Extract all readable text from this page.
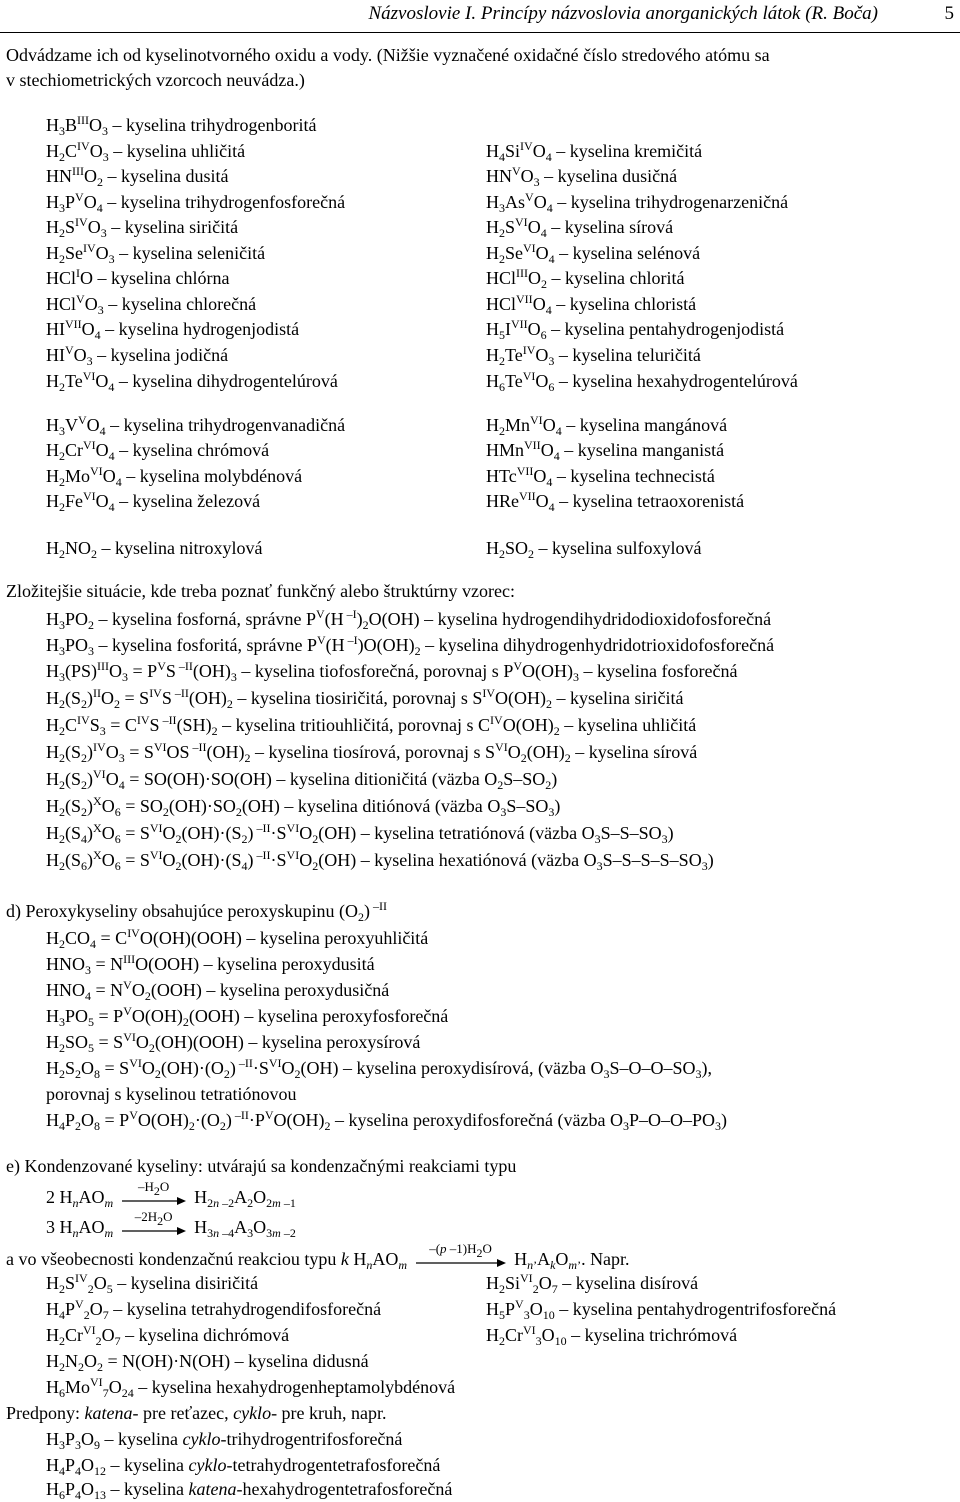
Názvoslovie I. Princípy názvoslovia anorganických látok (R. Boča)	5
Odvádzame ich od kyselinotvorného oxidu a vody. (Nižšie vyznačené oxidačné číslo stredového atómu sa
v stechiometrických vzorcoch neuvádza.)
$H_3B^{III}O_3$ – kyselina trihydrogenboritá
$H_2C^{IV}O_3$ – kyselina uhličitá
$HN^{III}O_2$ – kyselina dusitá
$H_3P^VO_4$ – kyselina trihydrogenfosforečná
$H_2S^{IV}O_3$ – kyselina siričitá
$H_2Se^{IV}O_3$ – kyselina seleničitá
HCl$^I$O – kyselina chlórna
$HCl^VO_3$ – kyselina chlorečná
$HI^{VII}O_4$ – kyselina hydrogenjodistá
$HI^VO_3$ – kyselina jodičná
$H_2Te^{VI}O_4$ – kyselina dihydrogentelúrová
$H_3V^VO_4$ – kyselina trihydrogenvanadičná
$H_2Cr^{VI}O_4$ – kyselina chrómová
$H_2Mo^{VI}O_4$ – kyselina molybdénová
$H_2Fe^{VI}O_4$ – kyselina železová
$H_2NO_2$ – kyselina nitroxylová
$H_4Si^{IV}O_4$ – kyselina kremičitá
$HN^VO_3$ – kyselina dusičná
$H_3As^VO_4$ – kyselina trihydrogenarzeničná
$H_2S^{VI}O_4$ – kyselina sírová
$H_2Se^{VI}O_4$ – kyselina selénová
$HCl^{III}O_2$ – kyselina chloritá
$HCl^{VII}O_4$ – kyselina chloristá
$H_5I^{VII}O_6$ – kyselina pentahydrogenjodistá
$H_2Te^{IV}O_3$ – kyselina teluričitá
$H_6Te^{VI}O_6$ – kyselina hexahydrogentelúrová
$H_2Mn^{VI}O_4$ – kyselina mangánová
$HMn^{VII}O_4$ – kyselina manganistá
$HTc^{VII}O_4$ – kyselina technecistá
$HRe^{VII}O_4$ – kyselina tetraoxorenistá
$H_2SO_2$ – kyselina sulfoxylová
Zložitejšie situácie, kde treba poznať funkčný alebo štruktúrny vzorec:
$H_3PO_2$ – kyselina fosforná, správne $P^V(H$ $^{-I})_2O(OH)$ – kyselina hydrogendihydridodioxidofosforečná
$H_3PO_3$ – kyselina fosforitá, správne $P^V(H$ $^{-I})O(OH)_2$ – kyselina dihydrogenhydridotrioxidofosforečná
$H_3(PS)^{III}O_3 = P^VS$ $^{-II}(OH)_3$ – kyselina tiofosforečná, porovnaj s $P^VO(OH)_3$ – kyselina fosforečná
$H_2(S_2)^{II}O_2 = S^{IV}S$ $^{-II}(OH)_2$ – kyselina tiosiričitá, porovnaj s $S^{IV}O(OH)_2$ – kyselina siričitá
$H_2C^{IV}S_3 = C^{IV}S$ $^{-II}(SH)_2$ – kyselina tritiouhličitá, porovnaj s $C^{IV}O(OH)_2$ – kyselina uhličitá
$H_2(S_2)^{IV}O_3 = S^{VI}OS$ $^{-II}(OH)_2$ – kyselina tiosírová, porovnaj s $S^{VI}O_2(OH)_2$ – kyselina sírová
$H_2(S_2)^{VI}O_4 = SO(OH)\cdot SO(OH)$ – kyselina ditioničitá (väzba $O_2S-SO_2$)
$H_2(S_2)^XO_6 = SO_2(OH)\cdot SO_2(OH)$ – kyselina ditiónová (väzba $O_3S-SO_3$)
$H_2(S_4)^XO_6 = S^{VI}O_2(OH)\cdot(S_2)$ $^{-II}\cdot S^{VI}O_2(OH)$ – kyselina tetratiónová (väzba $O_3S-S-SO_3$)
$H_2(S_6)^XO_6 = S^{VI}O_2(OH)\cdot(S_4)$ $^{-II}\cdot S^{VI}O_2(OH)$ – kyselina hexatiónová (väzba $O_3S-S-S-S-SO_3$)
d) Peroxykyseliny obsahujúce peroxyskupinu $(O_2)$ $^{-II}$
$H_2CO_4 = C^{IV}O(OH)(OOH)$ – kyselina peroxyuhličitá
$HNO_3 = N^{III}O(OOH)$ – kyselina peroxydusitá
$HNO_4 = N^VO_2(OOH)$ – kyselina peroxydusičná
$H_3PO_5 = P^VO(OH)_2(OOH)$ – kyselina peroxyfosforečná
$H_2SO_5 = S^{VI}O_2(OH)(OOH)$ – kyselina peroxysírová
$H_2S_2O_8 = S^{VI}O_2(OH)\cdot(O_2)$ $^{-II}\cdot S^{VI}O_2(OH)$ – kyselina peroxydisírová, (väzba $O_3S-O-O-SO_3$),
porovnaj s kyselinou tetratiónovou
$H_4P_2O_8 = P^VO(OH)_2\cdot(O_2)$ $^{-II}\cdot P^VO(OH)_2$ – kyselina peroxydifosforečná (väzba $O_3P-O-O-PO_3$)
e) Kondenzované kyseliny: utvárajú sa kondenzačnými reakciami typu
2 $H_nAO_m$
$-H_2O$
$H_{2n -2}A_2O_{2m -1}$
3 $H_nAO_m$
$-2H_2O$
$H_{3n -4}A_3O_{3m -2}$
a vo všeobecnosti kondenzačnú reakciou typu k $H_nAO_m$
–(p $-1)H_2O$
$H_{n’}A_kO_{m’}$. Napr.
$H_2S^{IV}_2O_5$ – kyselina disiričitá
$H_4P^V_2O_7$ – kyselina tetrahydrogendifosforečná
$H_2Cr^{VI}_2O_7$ – kyselina dichrómová
$H_2N_2O_2 = N(OH)\cdot N(OH)$ – kyselina didusná
$H_6Mo^{VI}_7O_{24}$ – kyselina hexahydrogenheptamolybdénová
$H_2Si^{VI}_2O_7$ – kyselina disírová
$H_5P^V_3O_{10}$ – kyselina pentahydrogentrifosforečná
$H_2Cr^{VI}_3O_{10}$ – kyselina trichrómová
Predpony: katena- pre reťazec, cyklo- pre kruh, napr.
$H_3P_3O_9$ – kyselina cyklo-trihydrogentrifosforečná
$H_4P_4O_{12}$ – kyselina cyklo-tetrahydrogentetrafosforečná
$H_6P_4O_{13}$ – kyselina katena-hexahydrogentetrafosforečná
